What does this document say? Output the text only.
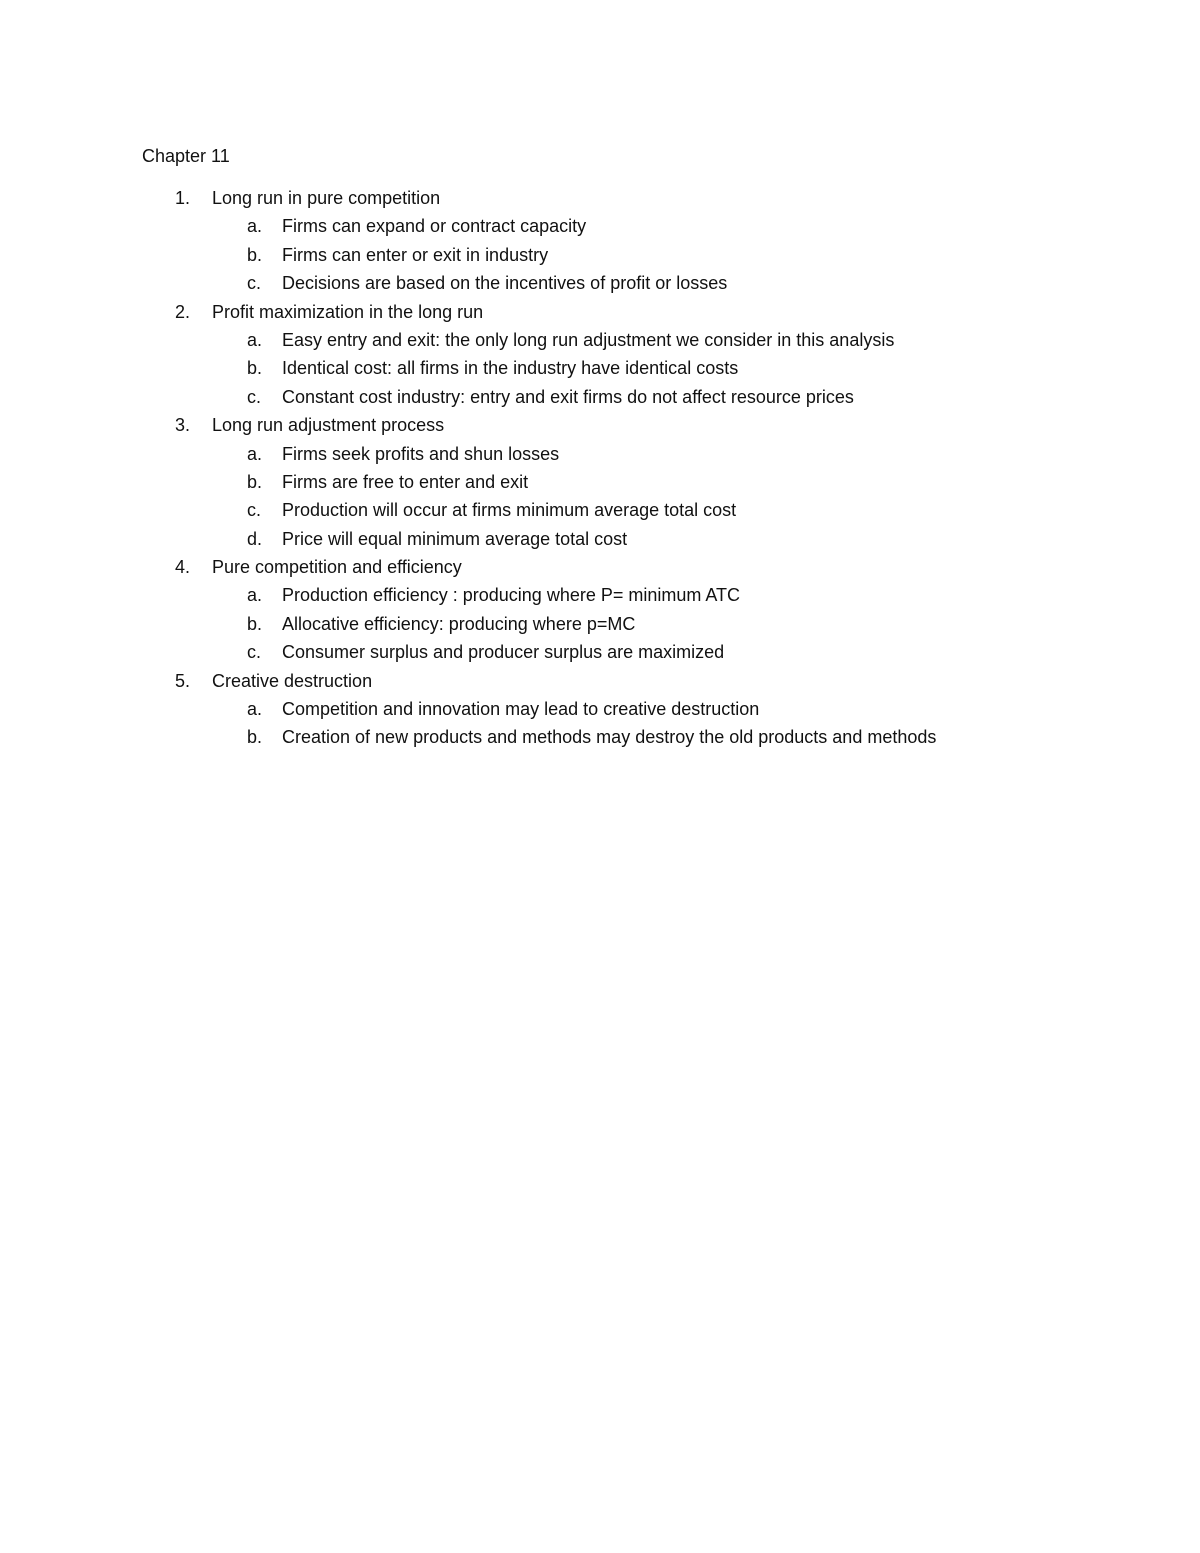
Chapter 11
1. Long run in pure competition
a. Firms can expand or contract capacity
b. Firms can enter or exit in industry
c. Decisions are based on the incentives of profit or losses
2. Profit maximization in the long run
a. Easy entry and exit: the only long run adjustment we consider in this analysis
b. Identical cost: all firms in the industry have identical costs
c. Constant cost industry: entry and exit firms do not affect resource prices
3. Long run adjustment process
a. Firms seek profits and shun losses
b. Firms are free to enter and exit
c. Production will occur at firms minimum average total cost
d. Price will equal minimum average total cost
4. Pure competition and efficiency
a. Production efficiency : producing where P= minimum ATC
b. Allocative efficiency: producing where p=MC
c. Consumer surplus and producer surplus are maximized
5. Creative destruction
a. Competition and innovation may lead to creative destruction
b. Creation of new products and methods may destroy the old products and methods
